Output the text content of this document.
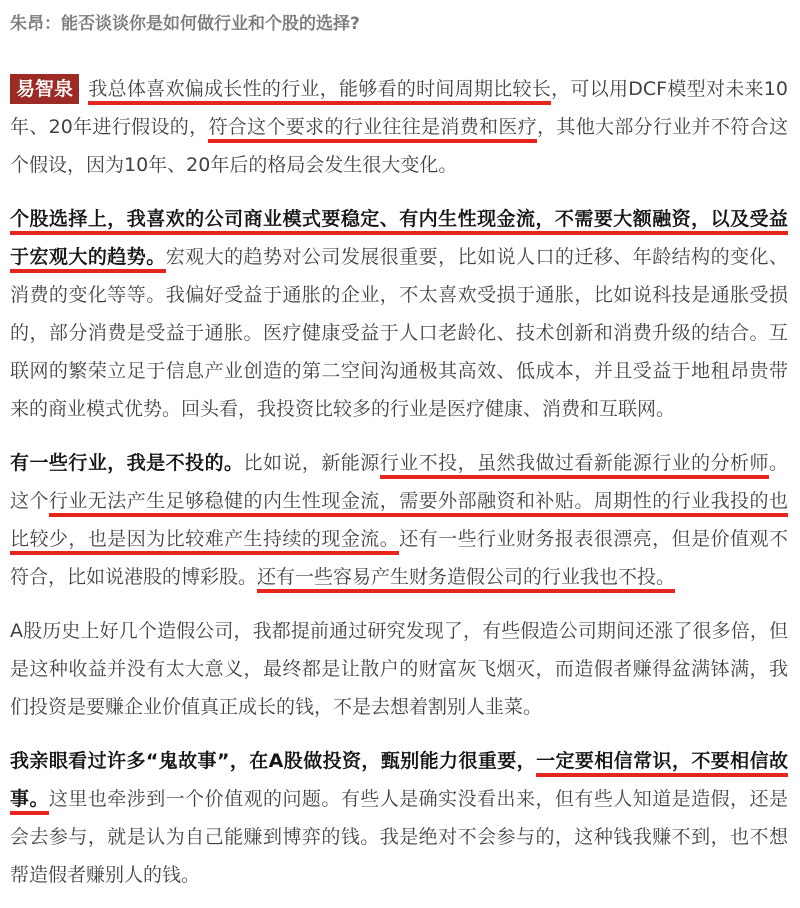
朱昂：能否谈谈你是如何做行业和个股的选择?

易智泉 我总体喜欢偏成长性的行业，能够看的时间周期比较长，可以用DCF模型对未来10年、20年进行假设的，符合这个要求的行业往往是消费和医疗，其他大部分行业并不符合这个假设，因为10年、20年后的格局会发生很大变化。

个股选择上，我喜欢的公司商业模式要稳定、有内生性现金流，不需要大额融资，以及受益于宏观大的趋势。宏观大的趋势对公司发展很重要，比如说人口的迁移、年龄结构的变化、消费的变化等等。我偏好受益于通胀的企业，不太喜欢受损于通胀，比如说科技是通胀受损的，部分消费是受益于通胀。医疗健康受益于人口老龄化、技术创新和消费升级的结合。互联网的繁荣立足于信息产业创造的第二空间沟通极其高效、低成本，并且受益于地租昂贵带来的商业模式优势。回头看，我投资比较多的行业是医疗健康、消费和互联网。

有一些行业，我是不投的。比如说，新能源行业不投，虽然我做过看新能源行业的分析师。这个行业无法产生足够稳健的内生性现金流，需要外部融资和补贴。周期性的行业我投的也比较少，也是因为比较难产生持续的现金流。还有一些行业财务报表很漂亮，但是价值观不符合，比如说港股的博彩股。还有一些容易产生财务造假公司的行业我也不投。

A股历史上好几个造假公司，我都提前通过研究发现了，有些假造公司期间还涨了很多倍，但是这种收益并没有太大意义，最终都是让散户的财富灰飞烟灭，而造假者赚得盆满钵满，我们投资是要赚企业价值真正成长的钱，不是去想着割别人韭菜。

我亲眼看过许多“鬼故事”，在A股做投资，甄别能力很重要，一定要相信常识，不要相信故事。这里也牵涉到一个价值观的问题。有些人是确实没看出来，但有些人知道是造假，还是会去参与，就是认为自己能赚到博弈的钱。我是绝对不会参与的，这种钱我赚不到，也不想帮造假者赚别人的钱。
